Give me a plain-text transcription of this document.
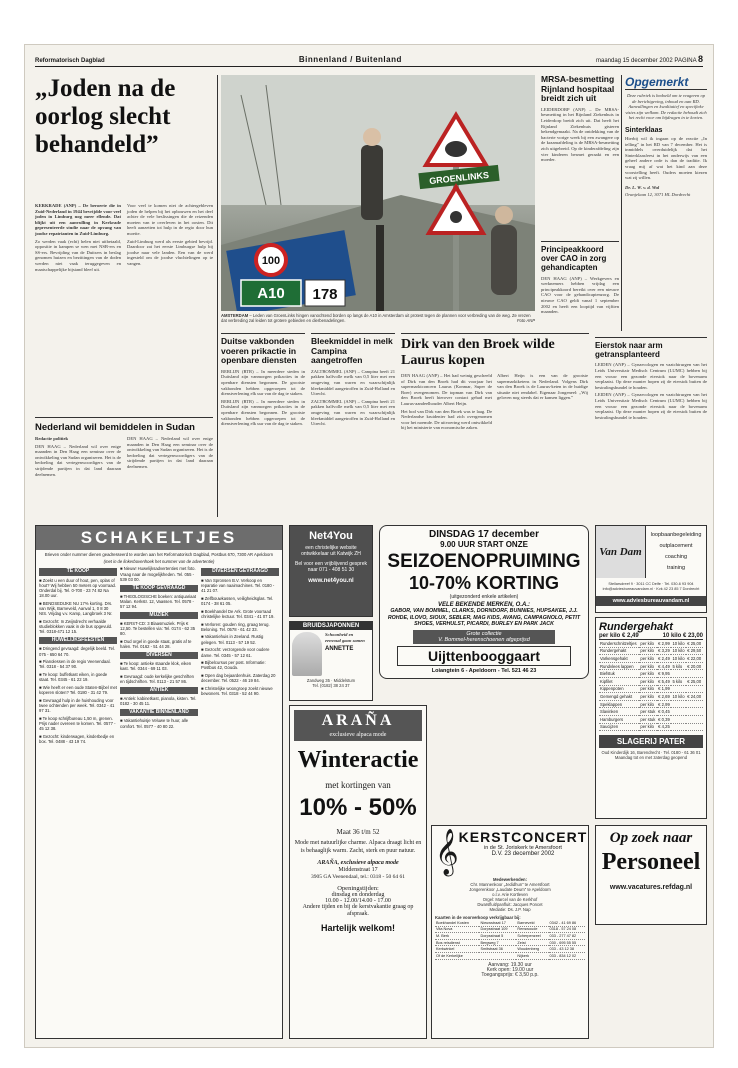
Reformatorisch Dagblad	Binnenland / Buitenland	maandag 15 december 2002 PAGINA 8
„Joden na de oorlog slecht behandeld”

KERKRADE (ANP) – De beroerte die in Zuid-Nederland in 1944 bevrijdde voor veel joden in Limburg nog meer ellende. Dat blijkt uit een aanvulling in Kerkrade gepresenteerde studie naar de opvang van joodse repatrianten in Zuid-Limburg.

Zo werden vaak (echt) helen niet uitbetaald, oppositie in kampen se wen met NSB-ers en SS-ers. Bevrijding van de Duitsers in beslag genomen huizen en bezittingen van de doden werden niet vaak teruggegeven en maatschappelijke bijstand bleef uit.

Voor veel te komen niet de achtergebleven joden de helpen bij het opbouwen en het deel achter de vele beslissingen die de reizenden moeten van te overleven in het oosten. Dit heeft aanzetten tot hulp in de regio door hun moeite.

Zuid-Limburg werd als eerste gebied bevrijd. Daardoor zat het eerste Limburgse hulp bij joodse naar vele landen. Een van de werd ingesteld om de joodse vluchtelingen op te vangen.

Nederland wil bemiddelen in Sudan

Redactie politiek

DEN HAAG – Nederland wil over enige maanden in Den Haag een seminar over de ontwikkeling van Sudan organiseren. Het is de bedoeling dat vertegenwoordigers van de strijdende partijen in dat land daaraan deelnemen.

DEN HAAG – Nederland wil over enige maanden in Den Haag een seminar over de ontwikkeling van Sudan organiseren. Het is de bedoeling dat vertegenwoordigers van de strijdende partijen in dat land daaraan deelnemen.

GROENLINKS
100
A10 178
AMSTERDAM – Leden van GroenLinks hingen vanochtend borden op langs de A10 in Amsterdam uit protest tegen de plannen voor verbreding van de weg. Ze vrezen dat verbreding zal leiden tot grotere gebieden en dierbenadelingen.	Foto ANP
Duitse vakbonden voeren prikactie in openbare diensten

BERLIJN (RTR) – In meerdere steden in Duitsland zijn vanmorgen prikacties in de openbare diensten begonnen. De grootste vakbonden hebben opgeroepen tot de dienstverlening elk uur van de dag te staken.

BERLIJN (RTR) – In meerdere steden in Duitsland zijn vanmorgen prikacties in de openbare diensten begonnen. De grootste vakbonden hebben opgeroepen tot de dienstverlening elk uur van de dag te staken.

Bleekmiddel in melk Campina aangetroffen

ZALTBOMMEL (ANP) – Campina heeft 21 pakken halfvolle melk van 0,5 liter met een omgeving van waren en waarschijnlijk bleekmiddel aangetroffen in Zuid-Holland en Utrecht.

ZALTBOMMEL (ANP) – Campina heeft 21 pakken halfvolle melk van 0,5 liter met een omgeving van waren en waarschijnlijk bleekmiddel aangetroffen in Zuid-Holland en Utrecht.

Dirk van den Broek wilde Laurus kopen

DEN HAAG (ANP) – Het had weinig gescheeld of Dirk van den Broek had dit voorjaar het supermarktconcern Laurus (Konmar, Super de Boer) overgenomen. De topman van Dirk van den Broek heeft hierover contact gehad met Laurus-aandeelhouder Albert Heijn.

Het bod van Dirk van den Broek was te laag. De Nederlandse kruidenier had zich overgenomen voor het noemde. De uitvoering werd ontwikkeld bij het ministerie van economische zaken.

Albert Heijn is een van de grootste supermarktketens in Nederland. Volgens Dirk van den Broek is de Laurus-keten in de huidige situatie niet rendabel. Eigenaar Jongeneel: „Wij geloven nog steeds dat er kansen liggen.”

MRSA-besmetting Rijnland hospitaal breidt zich uit

LEIDERDORP (ANP) – De MRSA-besmetting in het Rijnland Ziekenhuis in Leiderdorp breidt zich uit. Dat heeft het Rijnland Ziekenhuis gisteren bekendgemaakt. Na de ontdekking van de bacterie vorige week bij een zwangere op de kraamafdeling is de MRSA-besmetting zich uitgebreid. Op de kinderafdeling zijn vier kinderen besmet geraakt en een moeder.

Principeakkoord over CAO in zorg gehandicapten

DEN HAAG (ANP) – Werkgevers en werknemers hebben vrijdag een principeakkoord bereikt over een nieuwe CAO voor de gehandicaptenzorg. De nieuwe CAO geldt vanaf 1 september 2002 en heeft een looptijd van vijftien maanden.

Opgemerkt
Deze rubriek is bedoeld om te reageren op de berichtgeving, inhoud en aan RD. Aanvullingen en kwalitatief en specifieke visies zijn welkom. De redactie behoudt zich het recht voor om bijdragen in te korten.
Sinterklaas
Hierbij wil ik ingaan op de reactie „In telling” in het RD van 7 december. Het is inmiddels overduidelijk dat het Sinterklaasfeest in het onderwijs van een geheel andere orde is dan de traditie. Ik vraag mij af wat het kind aan deze voorstelling heeft. Ouders moeten kiezen wat zij willen.

Dr. L. W. v. d. Wal

Oranjelaan 12, 3071 HL Dordrecht

Eierstok naar arm getransplanteerd

LEIDEN (ANP) – Gynaecologen en vaatchirurgen van het Leids Universitair Medisch Centrum (LUMC) hebben bij een vrouw een gezonde eierstok naar de bovenarm verplaatst. Op deze manier hopen zij de eierstok buiten de bestralingsbundel te houden.

LEIDEN (ANP) – Gynaecologen en vaatchirurgen van het Leids Universitair Medisch Centrum (LUMC) hebben bij een vrouw een gezonde eierstok naar de bovenarm verplaatst. Op deze manier hopen zij de eierstok buiten de bestralingsbundel te houden.

SCHAKELTJES
Brieven onder nummer dienen geadresseerd te worden aan het Reformatorisch Dagblad, Postbus 670, 7300 AR Apeldoorn
(met in de linkerbovenhoek het nummer van de advertentie)
TE KOOP

■ Zoekt u een duur of hout, pen, oplas of hout? Wij hebben 50 meters op voorraad. Onderdal bij. Tel. 0-700 - 23 74 82 Na 18.00 uur.

■ BENDSEDIJKE NU 17% korting. Drs. van Wijk, Barneveld, Aanval 1, 0 8 30 NIS. Vrijdag v.v. Kamp, Langbroek 3 Nr.

■ Gezocht: In Zwijndrecht verhaalde studieblokken vaak in de bus opgevuld. Tel. 0318-471 12 15.

HUWELIJKSFEESTEN

■ Dringend gevraagd: degelijk beeld. Tel. 075 - 650 64 70.

■ Pianolessen in de regio Veenendaal. Tel. 0318 - 54 37 90.

■ Te koop: buffetkast eiken, in goede staat. Tel. 0345 - 61 22 19.

■ Wie heeft er een oude Staten-Bijbel met koperen sloten? Tel. 0180 - 31 42 79.

■ Gevraagd hulp in de huishouding voor twee ochtenden per week. Tel. 0342 - 41 97 31.

■ Te koop schrijfbureau 1,50 m, grenen. Prijs nader overeen te komen. Tel. 0577 - 45 12 38.

■ Gezocht: kinderwagen, kinderbedje en box. Tel. 0488 - 43 19 74.

■ Nieuw! Huwelijksadvertenties met foto. Vraag naar de mogelijkheden. Tel. 055 - 539 03 00.

TE KOOP GEVRAAGD

■ THEOLOGISCHE boeken: antiquariaat Malan. Kerkstr. 12, Vaassen. Tel. 0578 - 57 12 94.

MUZIEK

■ KERST-CD: 3 Blaasmuziek. Prijs € 12,50. Te bestellen via: Tel. 0174 - 62 35 80.

■ Oud orgel in goede staat, gratis af te halen. Tel. 0162 - 51 44 28.

DIVERSEN

■ Te koop: antieke staande klok, eiken kast. Tel. 0344 - 69 11 03.

■ Gevraagd: oude kerkelijke geschriften en tijdschriften. Tel. 0113 - 21 57 86.

ANTIEK

■ Antiek: kabinetkast, pianola, kisten. Tel. 0182 - 30 45 11.

VAKANTIE BINNENLAND

■ Vakantiehuisje Veluwe te huur, alle comfort. Tel. 0577 - 40 80 22.

DIVERSEN GEVRAAGD

■ Van Spronsen B.V. Verkoop en reparatie van naaimachines. Tel. 0180 - 41 21 07.

■ Zelfbouwkassen, veiligheidsglas. Tel. 0174 - 38 61 05.

■ Boekhandel De Ark. Grote voorraad christelijke lectuur. Tel. 0341 - 41 07 19.

■ Verloren: gouden ring, graag terug. Beloning. Tel. 0578 - 61 42 33.

■ Vakantiehuis in Zeeland. Rustig gelegen. Tel. 0113 - 57 19 52.

■ Gezocht: verzorgende voor oudere dame. Tel. 0345 - 57 12 61.

■ Bijbelcursus per post. Informatie: Postbus 42, Gouda.

■ Open dag bejaardenhuis. Zaterdag 20 december. Tel. 0522 - 46 19 84.

■ Christelijke woongroep zoekt nieuwe bewoners. Tel. 0318 - 52 44 90.

Net4You
een christelijke website ontwikkelaar uit Katwijk ZH
Bel voor een vrijblijvend gesprek naar 071 - 408 51 30
www.net4you.nl
BRUIDSJAPONNEN
Schoonheid en eenvoud gaan samen
ANNETTE
Zandweg 35 · Middelstum
Tel. (0182) 38 24 37
ARAÑA
exclusieve alpaca mode
Winteractie
met kortingen van
10% - 50%
Maat 36 t/m 52
Mode met natuurlijke charme. Alpaca draagt licht en is behaaglijk warm. Zacht, sterk en puur natuur.
ARAÑA, exclusieve alpaca mode
Middenstraat 17
3905 GA Veenendaal, tel.: 0318 - 50 64 61
Openingstijden:
dinsdag en donderdag
10.00 - 12.00/14.00 - 17.00
Andere tijden en bij de kerstvakantie graag op afspraak.
Hartelijk welkom!
DINSDAG 17 december
9.00 UUR START ONZE
SEIZOENOPRUIMING
10-70% KORTING
(uitgezonderd enkele artikelen)
VELE BEKENDE MERKEN, O.A.:
GABOR, VAN BOMMEL, CLARKS, DORNDORF, BUNNIES, HUPSAKEE, J.J. ROHDE, ILOVO, SIOUX, SEBLER, MAG KIDS, AVANG, CAMPAGNOLO, PETIT SHOES, VERHULST, PICARDI, BURLEY EN PARK JACK
Grote collectie
V. Bommel-herenschoenen afgeprijsd
Uijttenbooggaart
Loiangtein 6 - Apeldoorn - Tel. 521 46 23
Van Dam
loopbaanbegeleiding
outplacement
coaching
training
Stellarsdreef 9 · 3011 CC Delfe · Tel. 030-6 93 904
info@adviesbureauvandam.nl · Kvk 42 23 85 7 Dordrecht
www.adviesbureauvandam.nl
Rundergehakt
per kilo € 2,49	10 kilo € 23,00
Runderschnitzeltjes	per kilo	€ 2,99	10 kilo	€ 25,00
Rundergehakt	per kilo	€ 3,29	10 kilo	€ 29,50
Varkensgehakt	per kilo	€ 2,49	10 kilo	€ 22,00
Rundvlees lappen	per kilo	€ 4,49	5 kilo	€ 20,00
Biefstuk	per kilo	€ 9,95		
Kipfilet	per kilo	€ 5,49	5 kilo	€ 25,00
Kippenpoten	per kilo	€ 1,99		
Gemengd gehakt	per kilo	€ 2,69	10 kilo	€ 24,00
Speklappen	per kilo	€ 2,99		
Slavinken	per stuk	€ 0,45		
Hamburgers	per stuk	€ 0,39		
Saucijzen	per kilo	€ 4,25		
SLAGERIJ PATER
Oud Kinderdijk 16, Barendrecht · Tel. 0180 - 61 36 01
Maandag tot en met zaterdag geopend
𝄞 KERSTCONCERT
in de St. Joriskerk te Amersfoort
D.V. 23 december 2002
Medewerkenden:
Chr. Mannenkoor „Jedidhun” te Amersfoort
Jongerenkoor „Laudate Deum” te Apeldoorn
o.l.v. Arie Kortleven
Orgel: Marcel van de Kerkhof
Dwarsfluit/panfluit: Jacques Poncet
Mediatie: Ds. J.P. Nap
Kaarten in de voorverkoop verkrijgbaar bij:
Boekhandel Kosten	Nieuwstraat 17	Barneveld	0342 - 41 69 86
Vita Nova	Dorpsstraat 109	Renswoude	0318 - 57 24 08
M. Berk	Dorpsstraat 5	Scherpenzeel	033 - 277 47 82
Bos reisdienst	Bergweg 7	Zeist	030 - 695 55 55
Kerkwinkel	Smitstraat 36	Woudenberg	033 - 43 12 38
Of de Kerkelijke		Nijkerk	033 - 834 12 02
Aanvang: 19.30 uur
Kerk open: 19.00 uur
Toegangsprijs: € 3,50 p.p.
Op zoek naar
Personeel
www.vacatures.refdag.nl
